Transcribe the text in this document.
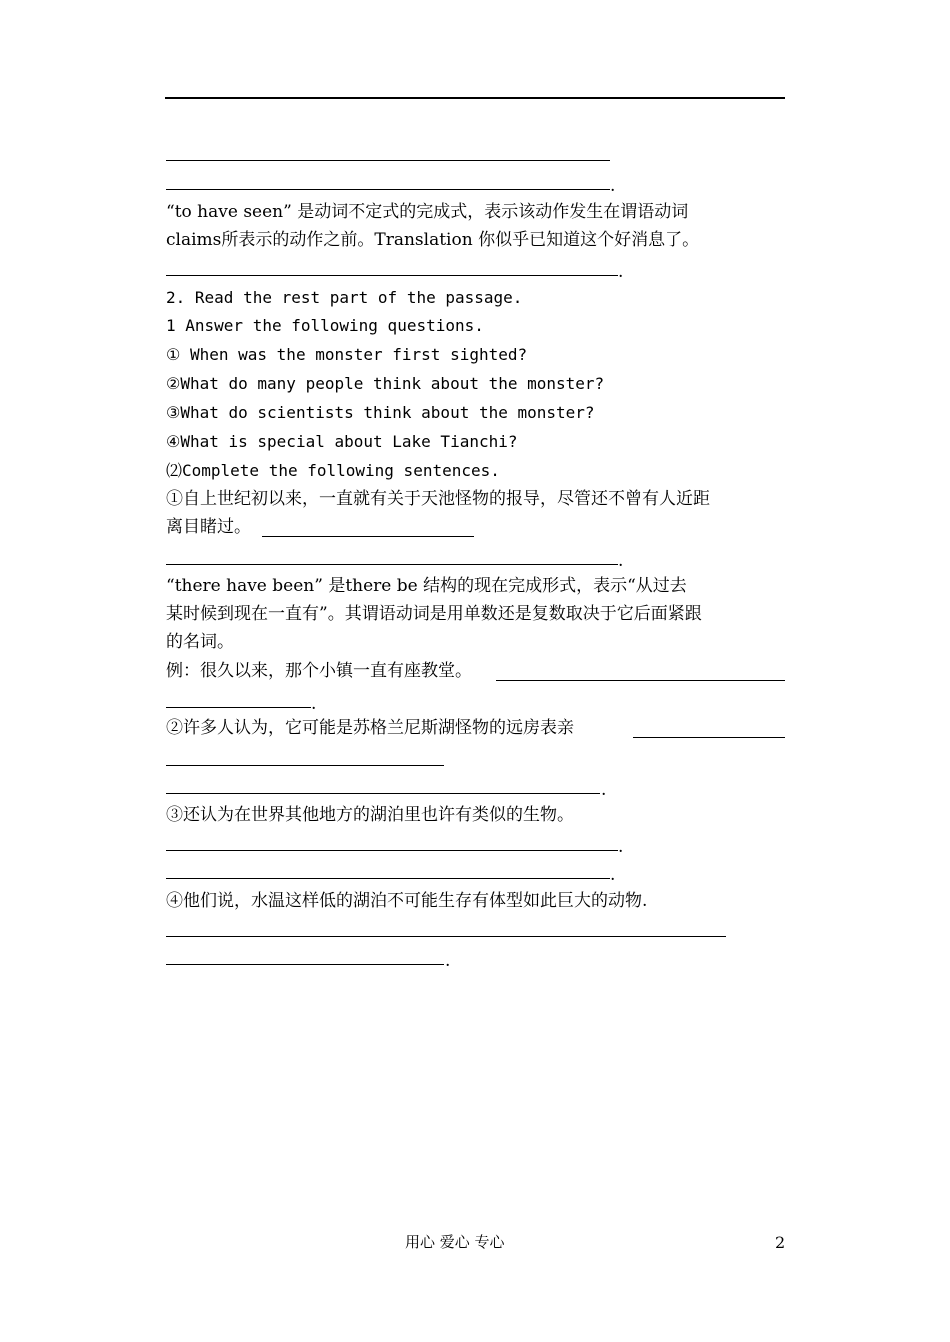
.
“to have seen” 是动词不定式的完成式，表示该动作发生在谓语动词
claims所表示的动作之前。Translation 你似乎已知道这个好消息了。
.
2. Read the rest part of the passage.
1 Answer the following questions.
① When was the monster first sighted?
②What do many people think about the monster?
③What do scientists think about the monster?
④What is special about Lake Tianchi?
⑵Complete the following sentences.
①自上世纪初以来，一直就有关于天池怪物的报导，尽管还不曾有人近距
离目睹过。
.
“there have been” 是there be 结构的现在完成形式，表示“从过去
某时候到现在一直有”。其谓语动词是用单数还是复数取决于它后面紧跟
的名词。
例：很久以来，那个小镇一直有座教堂。
.
②许多人认为，它可能是苏格兰尼斯湖怪物的远房表亲
.
③还认为在世界其他地方的湖泊里也许有类似的生物。
.
.
④他们说，水温这样低的湖泊不可能生存有体型如此巨大的动物.
.
用心 爱心 专心	2
